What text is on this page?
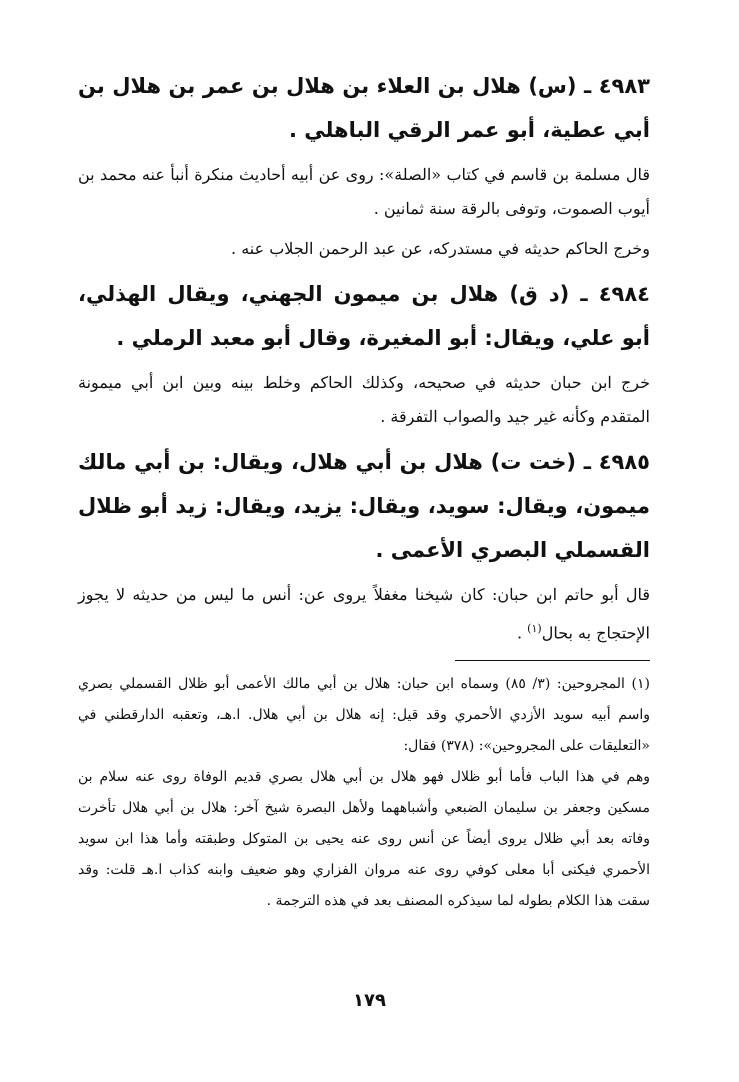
٤٩٨٣ ـ (س) هلال بن العلاء بن هلال بن عمر بن هلال بن أبي عطية، أبو عمر الرقي الباهلي .

قال مسلمة بن قاسم في كتاب «الصلة»: روى عن أبيه أحاديث منكرة أنبأ عنه محمد بن أيوب الصموت، وتوفى بالرقة سنة ثمانين .

وخرج الحاكم حديثه في مستدركه، عن عبد الرحمن الجلاب عنه .

٤٩٨٤ ـ (د ق) هلال بن ميمون الجهني، ويقال الهذلي، أبو علي، ويقال: أبو المغيرة، وقال أبو معبد الرملي .

خرج ابن حبان حديثه في صحيحه، وكذلك الحاكم وخلط بينه وبين ابن أبي ميمونة المتقدم وكأنه غير جيد والصواب التفرقة .

٤٩٨٥ ـ (خت ت) هلال بن أبي هلال، ويقال: بن أبي مالك ميمون، ويقال: سويد، ويقال: يزيد، ويقال: زيد أبو ظلال القسملي البصري الأعمى .

قال أبو حاتم ابن حبان: كان شيخنا مغفلاً يروى عن: أنس ما ليس من حديثه لا يجوز الإحتجاج به بحال$^{(١)}$ .

(١) المجروحين: (٣/ ٨٥) وسماه ابن حبان: هلال بن أبي مالك الأعمى أبو ظلال القسملي بصري واسم أبيه سويد الأزدي الأحمري وقد قيل: إنه هلال بن أبي هلال. ا.هـ، وتعقبه الدارقطني في «التعليقات على المجروحين»: (٣٧٨) فقال:

وهم في هذا الباب فأما أبو ظلال فهو هلال بن أبي هلال بصري قديم الوفاة روى عنه سلام بن مسكين وجعفر بن سليمان الضبعي وأشباههما ولأهل البصرة شيخ آخر: هلال بن أبي هلال تأخرت وفاته بعد أبي ظلال يروى أيضاً عن أنس روى عنه يحيى بن المتوكل وطبقته وأما هذا ابن سويد الأحمري فيكنى أبا معلى كوفي روى عنه مروان الفزاري وهو ضعيف وابنه كذاب ا.هـ قلت: وقد سقت هذا الكلام بطوله لما سيذكره المصنف بعد في هذه الترجمة .

١٧٩
